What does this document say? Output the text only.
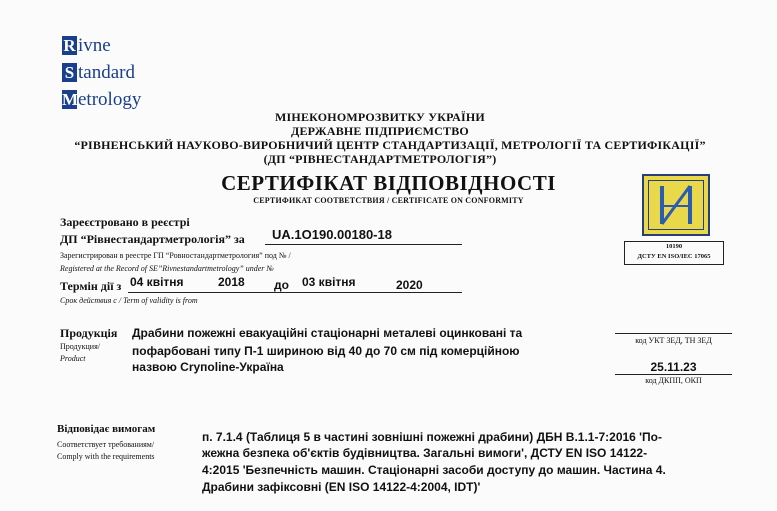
R ivne
S tandard
Metrology
МІНЕКОНОМРОЗВИТКУ УКРАЇНИ
ДЕРЖАВНЕ ПІДПРИЄМСТВО
“РІВНЕНСЬКИЙ НАУКОВО-ВИРОБНИЧИЙ ЦЕНТР СТАНДАРТИЗАЦІЇ, МЕТРОЛОГІЇ ТА СЕРТИФІКАЦІЇ”
(ДП “РІВНЕСТАНДАРТМЕТРОЛОГІЯ”)
СЕРТИФІКАТ ВІДПОВІДНОСТІ
СЕРТИФИКАТ СООТВЕТСТВИЯ / CERTIFICATE ON CONFORMITY
10190
ДСТУ EN ISO/IEC 17065
Зареєстровано в реєстрі
ДП “Рівнестандартметрологія” за UA.1O190.00180-18
Зарегистрирован в реестре ГП “Ровностандартметрология” под № /
Registered at the Record of SE”Rivnestandartmetrology” under №
Термін дії з 04 квітня	2018 до 03 квітня	2020
Срок действия с / Term of validity is from
Продукція
Продукция/
Product
Драбини пожежні евакуаційні стаціонарні металеві оцинковані та
пофарбовані типу П-1 шириною від 40 до 70 см під комерційною
назвою Cryпoline-Україна
код УКТ ЗЕД, ТН ЗЕД
25.11.23
код ДКПП, ОКП
Відповідає вимогам
Соответствует требованиям/
Comply with the requirements
п. 7.1.4 (Таблиця 5 в частині зовнішні пожежні драбини) ДБН В.1.1-7:2016 'По-
жежна безпека об'єктів будівництва. Загальні вимоги', ДСТУ EN ISO 14122-
4:2015 'Безпечність машин. Стаціонарні засоби доступу до машин. Частина 4.
Драбини зафіксовні (EN ISO 14122-4:2004, IDT)'
